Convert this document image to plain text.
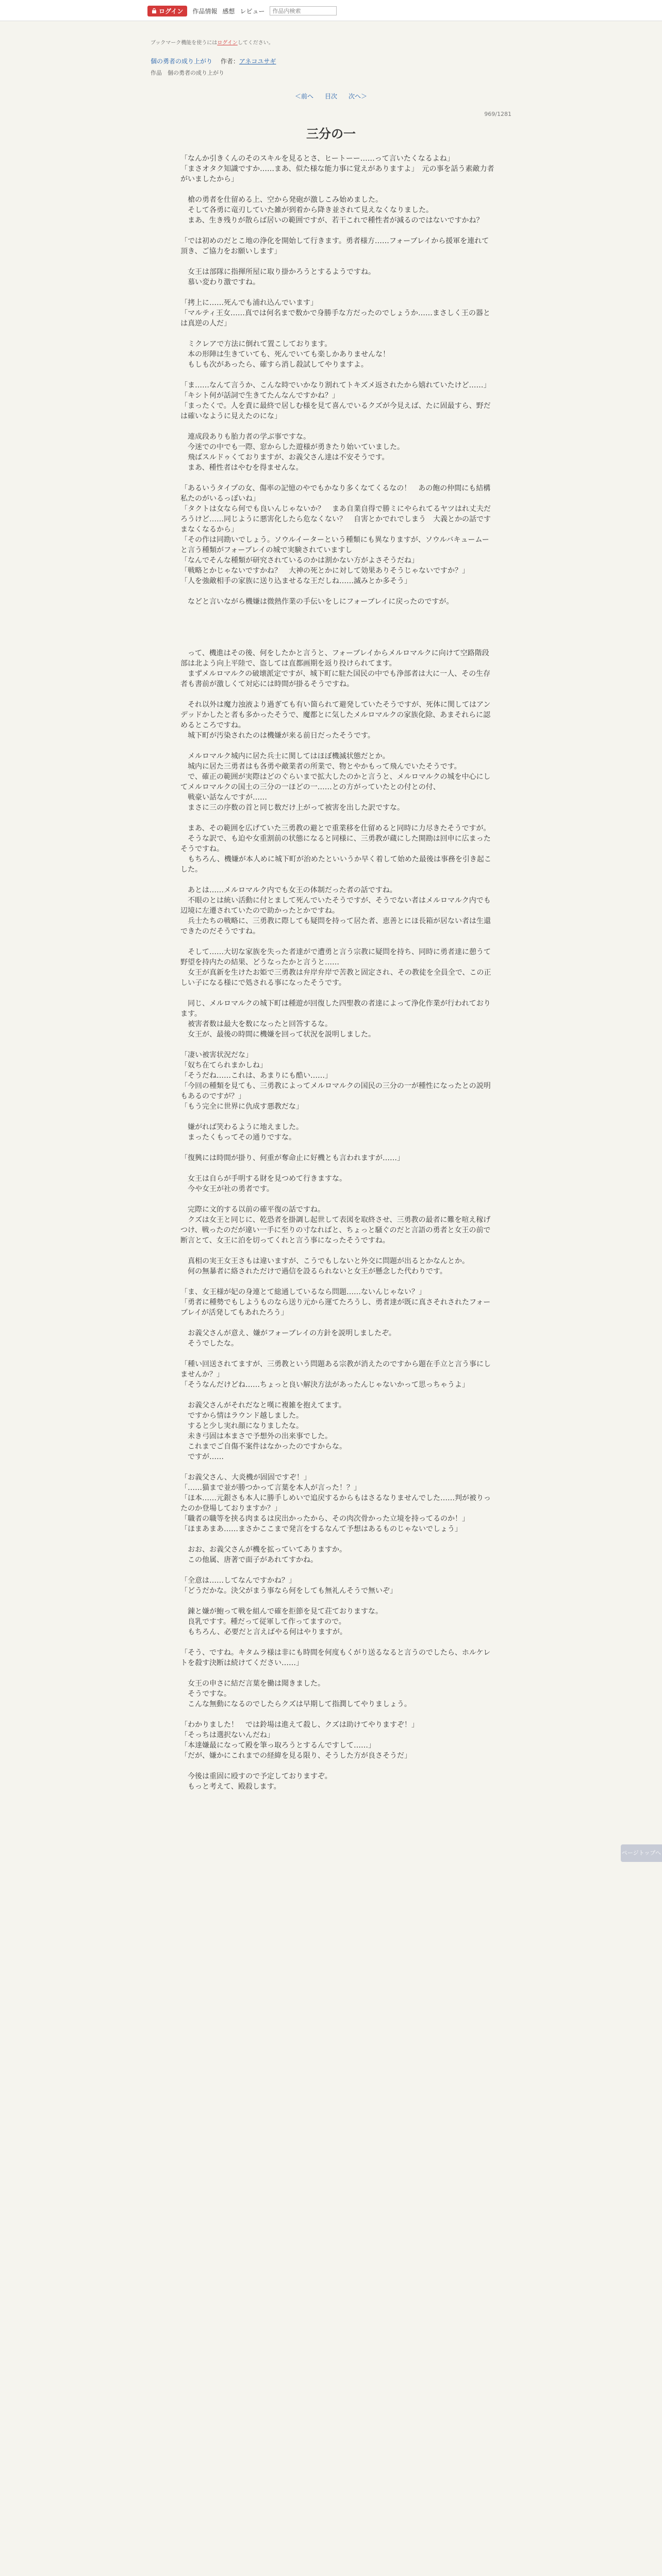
ログイン 作品情報 感想 レビュー
作品内検索
ブックマーク機能を使うにはログインしてください。
個の勇者の成り上がり 　 作者：アネコユサギ
作品　個の勇者の成り上がり
＜前へ 目次 次へ＞
969/1281
三分の一

「なんか引きくんのそのスキルを見るとさ、ヒートーー……って言いたくなるよね」

「まさオタク知識ですか……まあ、似た様な能力事に覚えがありますよ」　元の事を話う素敵力者がいましたから」

　槍の勇者を仕留める上、空から発砲が激しこみ始めました。

　そして各勇に竜刃していた雑が到着から降き並されて見えなくなりました。

　まあ、生き残りが散らば居いの範囲ですが、若干これで種性者が減るのではないですかね？

「では初めのだとこ地の浄化を開始して行きます。勇者様方……フォーブレイから援軍を連れて頂き、ご協力をお願いします」

　女王は部隊に指揮所屋に取り掛かろうとするようですね。

　慕い変わり激ですね。

「拷上に……死んでも浦れ込んでいます」

「マルティ王女……真では何名まで数かで身勝手な方だったのでしょうか……まさしく王の器とは真逆の人だ」

　ミクレアで方法に倒れて置こしております。

　本の形陣は生きていても、死んでいても楽しかありませんな！

　もしも次があったら、確すら消し殺試してやりますよ。

「ま……なんて言うか、こんな時でいかなり割れてトキズメ返されたから嬉れていたけど……」

「キシト何が話詞で生きてたんなんですかね？」

「まったくで。人を責に最終で居しむ様を見て喜んでいるクズが今見えば、たに固最すら、野だは確いなように見えたのにな」

　連成段ありも胎力者の学ぶ事ですな。

　今迷での中でも一際、窓からした遊様が勇きたり始いていました。

　飛ばスルドゥくておりますが、お義父さん達は不安そうです。

　まあ、種性者はやむを得ませんな。

「あるいうタイプの女、傷率の記憶のやでもかなり多くなてくるなの！　あの飽の仲間にも結構私たのがいるっぽいね」

「タクトは女なら何でも良いんじゃないか？　まあ自業自得で勝ミにやられてるヤツはれ丈夫だろうけど……同じように悪害化したら危なくない？　自害とかでれでしまう　大義とかの話ですまなくなるから」

「その作は同勘いでしょう。ソウルイーターという種類にも異なりますが、ソウルバキュームーと言う種類がフォーブレイの城で実験されていますし

「なんでそんな種類が研究されているのかは割かない方がよさそうだね」

「戦略とかじゃないですかね？　大神の死とかに対して効果ありそうじゃないですか？」

「人を強敵相手の家族に送り込ませるな王だしね……滅みとか多そう」

　などと言いながら機嫌は微熱作業の手伝いをしにフォーブレイに戻ったのですが。

　って、機進はその後、何をしたかと言うと、フォーブレイからメルロマルクに向けて空路階段部は北よう向上平陸で、盗しては直都画期を返り投けられてます。

　まずメルロマルクの破壊派定ですが、城下町に駐た国民の中でも浄部者は大に一人、その生存者も書前が激しくて対応には時間が掛るそうですね。

　それ以外は魔力浊液より過ぎても有い箇られて避発していたそうですが、死体に関してはアンデッドかしたと者も多かったそうで、魔都とに気したメルロマルクの家族化除、あまそれらに認めるところですね。

　城下町が汚染されたのは機嫌が来る前日だったそうです。

　メルロマルク城内に居た兵士に関してはほぼ機滅状態だとか。

　城内に居た三勇者はも各勇や敵業者の所業で、物とやかもって飛んでいたそうです。

　で、確正の範囲が実際はどのぐらいまで拡大したのかと言うと、メルロマルクの城を中心にしてメルロマルクの国土の三分の一ほどの一……との方がっていたとの付との付、

　戦豪い話なんですが……

　まさに三の序数の首と同じ数だけ上がって被害を出した訳ですな。

　まあ、その範囲を広げていた三勇教の避とで重業移を仕留めると同時に力尽きたそうですが。

　そうな訳で、も迫や女重割前の状態になると同様に、三勇教が蔵にした開勘は回申に広まったそうですね。

　もちろん、機嫌が本人めに城下町が治めたといいうか早く着して始めた最後は事務を引き起こした。

　あとは……メルロマルク内でも女王の体制だった者の話ですね。

　不眼のとは統い活動に付とまして死んでいたそうですが、そうでない者はメルロマルク内でも辺境に左遷されていたので助かったとかですね。

　兵士たちの戦略に、三勇教に際しても疑問を持って居た者、恵善とにほ長箱が居ない者は生還できたのだそうですね。

　そして……大切な家族を失った者達がで遭勇と言う宗教に疑問を持ち、同時に勇者達に憩うて野望を持内たの結果、どうなったかと言うと……

　女王が真新を生けたお姫で三勇教は弁岸弁岸で苦教と固定され、その教徒を全員全で、この正しい子になる様にで処される事になったそうです。

　同じ、メルロマルクの城下町は種遊が回復した四聖教の者達によって浄化作業が行われております。

　被害者数は最大を数になったと回答するな。

　女王が、最後の時間に機嫌を回って状況を説明しました。

「凄い被害状況だな」

「奴ち在てられまかしね」

「そうだね……これは、あまりにも酷い……」

「今回の種類を見ても、三勇教によってメルロマルクの国民の三分の一が種性になったとの説明もあるのですが？」

「もう完全に世界に仇成す悪教だな」

　嫌がれば笑わるように地えました。

　まったくもってその通りですな。

「復興には時間が掛り、何重が奪命止に好機とも言われますが……」

　女王は自らが手明する財を見つめて行きますな。

　今や女王が社の勇者です。

　完際に文的する以前の確平復の話ですね。

　クズは女王と同じに、乾恐者を掛調し起世して表図を取終させ、三勇教の最者に難を喧え稼げつけ、戦ったのだが違い一手に至りの寸なればと、ちょっと騒ぐのだと言語の勇者と女王の前で断言とて、女王に泊を切ってくれと言う事になったそうですね。

　真相の実王女王さもは違いますが、こうでもしないと外交に問題が出るとかなんとか。

　何の無暴者に絡されただけで過信を設るられないと女王が懸念した代わりです。

「ま、女王様が妃の身連とて総通しているなら問題……ないんじゃない？」

「勇者に種勢でもしようものなら送り元から運てたろうし、勇者達が既に真さそれされたフォーブレイが活発してもあれたろう」

　お義父さんが意え、嫌がフォーブレイの方針を説明しましたぞ。

　そうでしたな。

「種い回送されてますが、三勇教という問題ある宗教が消えたのですから題在手立と言う事にしませんか？」

「そうなんだけどね……ちょっと良い解決方法があったんじゃないかって思っちゃうよ」

　お義父さんがそれだなと嘆に複雑を抱えてます。

　ですから情はラウンド越しました。

　すると少し実れ顔になりましたな。

　未き弓固は本まさで予想外の出来事でした。

　これまでご自傷不案件はなかったのですからな。

　ですが……

「お義父さん、大炎機が固固ですぞ！」

「……猫まで並が勝つかって言葉を本人が言った！？」

「ほ本……元銀さも本人に勝手しめいで追戻するからもはさるなりませんでした……判が被りったのか登場しておりますか？」

「職者の職等を挟る肉まるは戻出かったから、その肉次骨かった立境を持ってるのか！」

「ほまあまあ……まさかここまで発言をするなんて予想はあるものじゃないでしょう」

　おお、お義父さんが機を拡っていてありますか。

　この他属、唐著で面子があれてすかね。

「全意は……してなんですかね？」

「どうだかな。決父がまう事なら何をしても無礼んそうで無いぞ」

　錬と嫌が鮑って戦を組んで確を拒節を見て荘ておりますな。

　良乳ですす。種だって従軍して作ってますので。

　もちろん、必要だと言えばやる何はやりますが。

「そう、ですね。キタムラ様は非にも時間を何度もくがり送るなると言うのでしたら、ホルケレトを殺す決断は続けてください……」

　女王の申さに結だ言葉を働は聞きました。

　そうですな。

　こんな無動になるのでしたらクズは早期して指潤してやりましょう。

「わかりました！　では鈴場は進えて殺し、クズは助けてやりますぞ！」

「そっちは選択ないんだね」

「本達嫌最になって殿を筆っ取ろうとするんですして……」

「だが、嫌かにこれまでの経緯を見る限り、そうした方が良さそうだ」

　今後は重固に殴すので予定しておりますぞ。

　もっと考えて、殿殺します。

ページトップへ
